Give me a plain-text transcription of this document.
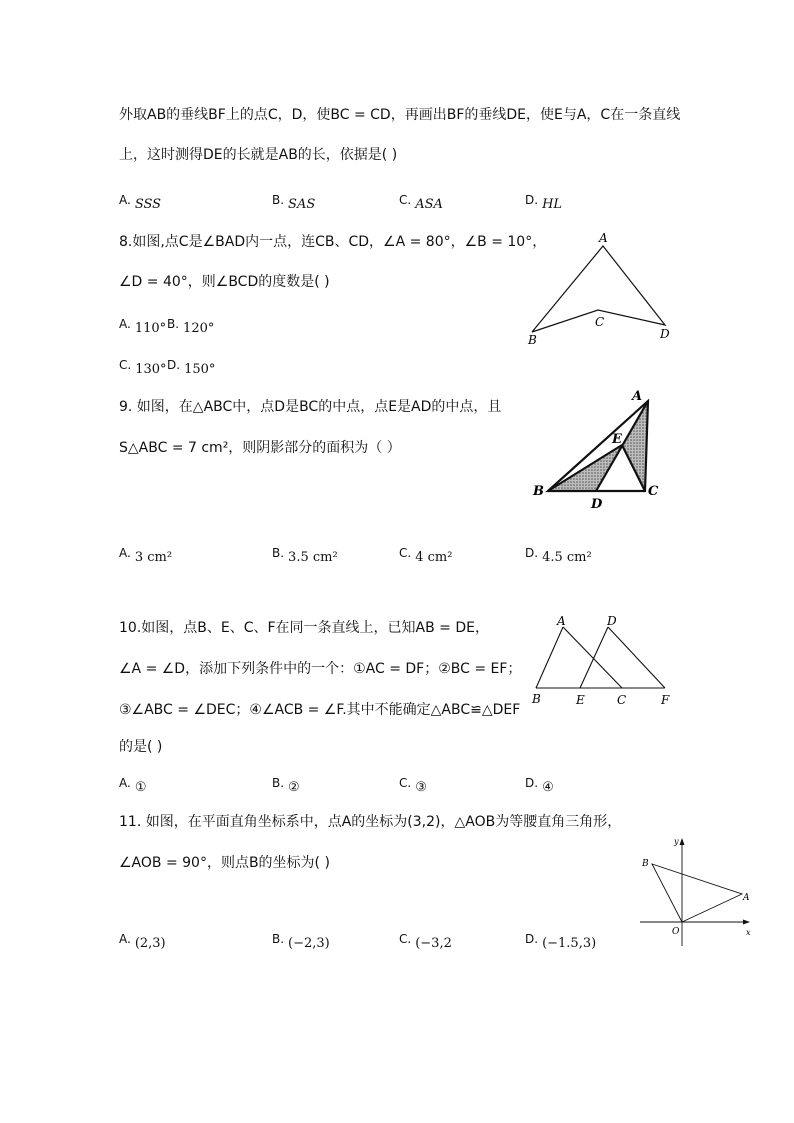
外取AB的垂线BF上的点C，D，使BC = CD，再画出BF的垂线DE，使E与A，C在一条直线
上，这时测得DE的长就是AB的长，依据是( )
A. SSS	B. SAS	C. ASA	D. HL
8.如图,点C是∠BAD内一点，连CB、CD，∠A = 80°，∠B = 10°，
∠D = 40°，则∠BCD的度数是( )
A. 110° B. 120°
C. 130° D. 150°
A
B
C
D
9. 如图，在△ABC中，点D是BC的中点，点E是AD的中点，且
S△ABC = 7 cm²，则阴影部分的面积为（ ）
A. 3 cm²	B. 3.5 cm²	C. 4 cm²	D. 4.5 cm²
A
B	C
D
E
10.如图，点B、E、C、F在同一条直线上，已知AB = DE，
∠A = ∠D，添加下列条件中的一个：①AC = DF；②BC = EF；
③∠ABC = ∠DEC；④∠ACB = ∠F.其中不能确定△ABC≌△DEF
的是( )
A. ①	B. ②	C. ③	D. ④
A	D
B	E	C	F
11. 如图，在平面直角坐标系中，点A的坐标为(3,2)，△AOB为等腰直角三角形，
∠AOB = 90°，则点B的坐标为( )
A. (2,3)	B. (−2,3)	C. (−3,2	D. (−1.5,3)
y
x
O
A
B
